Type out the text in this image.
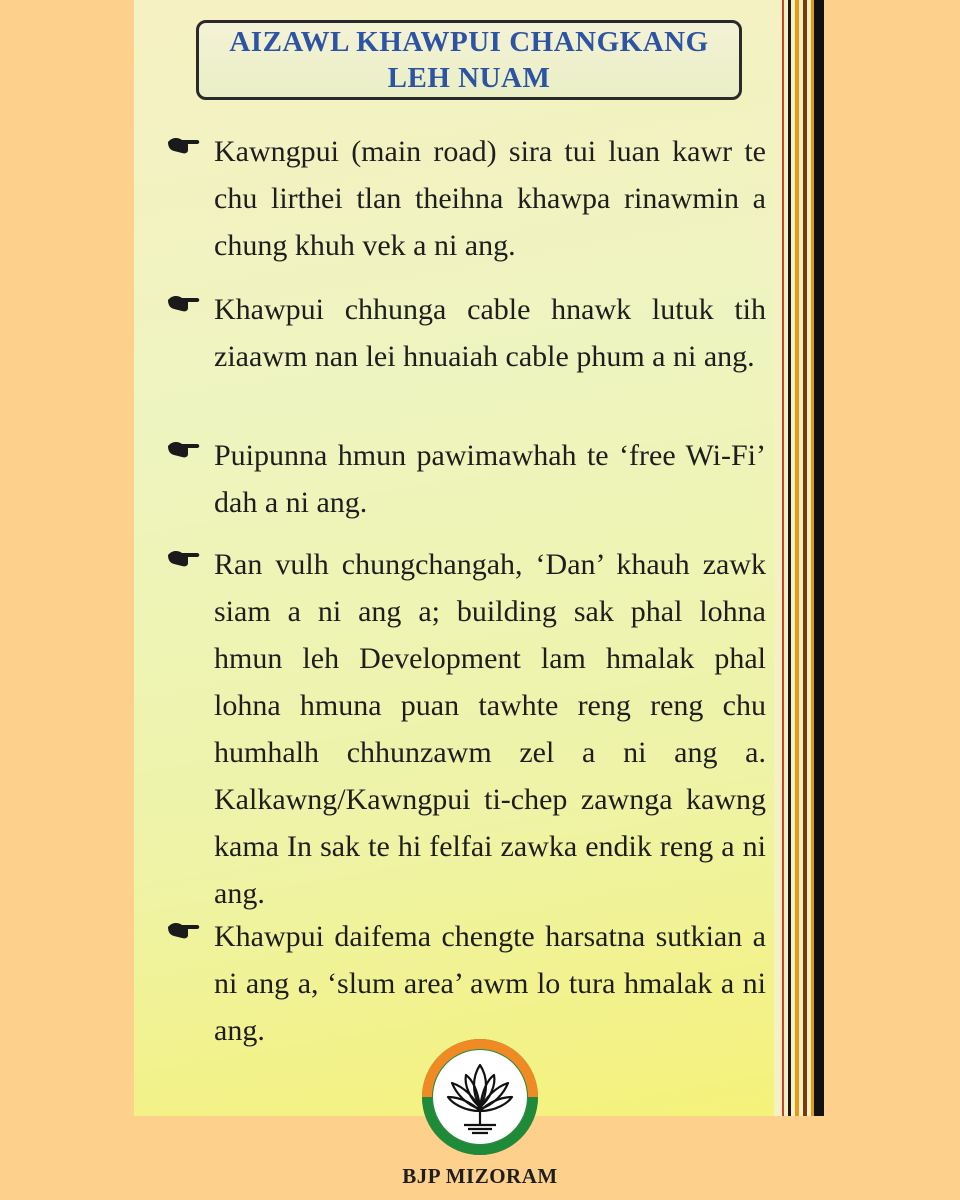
AIZAWL KHAWPUI CHANGKANG
LEH NUAM

Kawngpui (main road) sira tui luan kawr te chu lirthei tlan theihna khawpa rinawmin a chung khuh vek a ni ang.

Khawpui chhunga cable hnawk lutuk tih ziaawm nan lei hnuaiah cable phum a ni ang.

Puipunna hmun pawimawhah te ‘free Wi-Fi’ dah a ni ang.

Ran vulh chungchangah, ‘Dan’ khauh zawk siam a ni ang a; building sak phal lohna hmun leh Development lam hmalak phal lohna hmuna puan tawhte reng reng chu humhalh chhunzawm zel a ni ang a. Kalkawng/Kawngpui ti-chep zawnga kawng kama In sak te hi felfai zawka endik reng a ni ang.

Khawpui daifema chengte harsatna sutkian a ni ang a, ‘slum area’ awm lo tura hmalak a ni ang.

BJP MIZORAM
